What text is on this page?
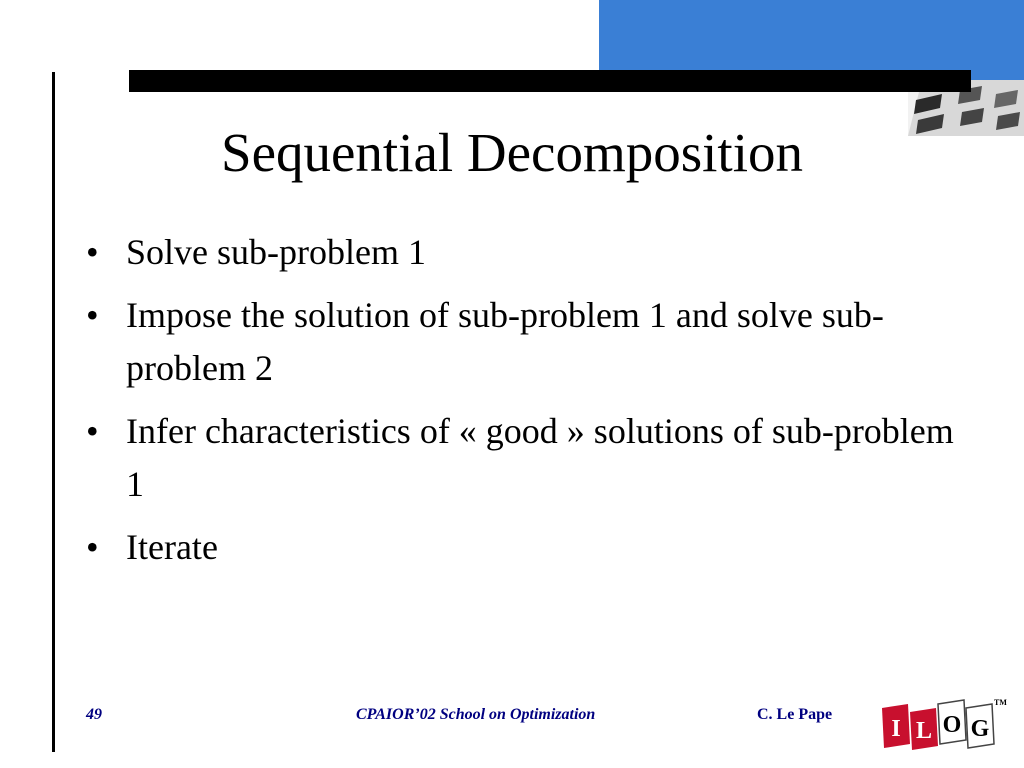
Sequential Decomposition
• Solve sub-problem 1
• Impose the solution of sub-problem 1 and solve sub-problem 2
• Infer characteristics of « good » solutions of sub-problem 1
• Iterate
49	CPAIOR’02 School on Optimization	C. Le Pape
I L O G
TM
